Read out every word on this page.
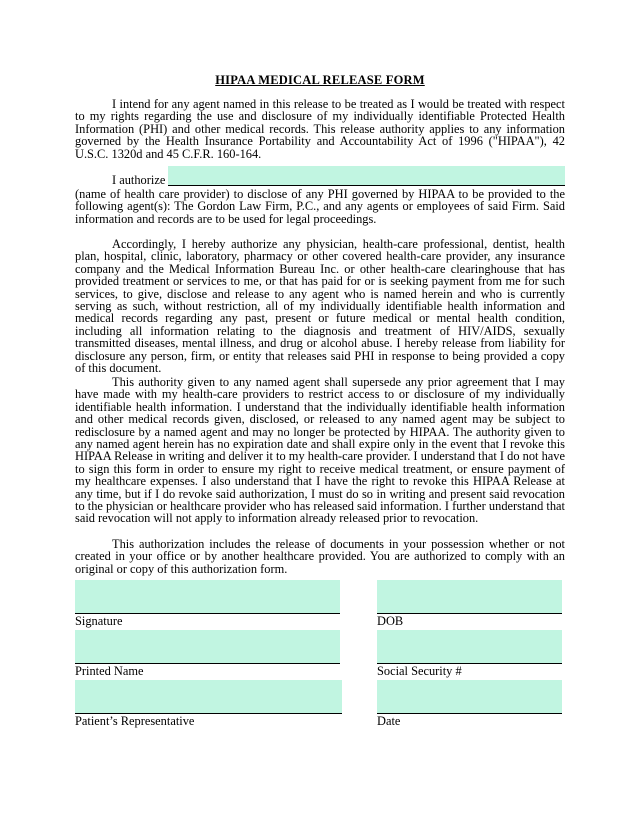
HIPAA MEDICAL RELEASE FORM

I intend for any agent named in this release to be treated as I would be treated with respect to my rights regarding the use and disclosure of my individually identifiable Protected Health Information (PHI) and other medical records. This release authority applies to any information governed by the Health Insurance Portability and Accountability Act of 1996 ("HIPAA"), 42 U.S.C. 1320d and 45 C.F.R. 160-164.

I authorize

(name of health care provider) to disclose of any PHI governed by HIPAA to be provided to the following agent(s): The Gordon Law Firm, P.C., and any agents or employees of said Firm. Said information and records are to be used for legal proceedings.

Accordingly, I hereby authorize any physician, health-care professional, dentist, health plan, hospital, clinic, laboratory, pharmacy or other covered health-care provider, any insurance company and the Medical Information Bureau Inc. or other health-care clearinghouse that has provided treatment or services to me, or that has paid for or is seeking payment from me for such services, to give, disclose and release to any agent who is named herein and who is currently serving as such, without restriction, all of my individually identifiable health information and medical records regarding any past, present or future medical or mental health condition, including all information relating to the diagnosis and treatment of HIV/AIDS, sexually transmitted diseases, mental illness, and drug or alcohol abuse. I hereby release from liability for disclosure any person, firm, or entity that releases said PHI in response to being provided a copy of this document.

This authority given to any named agent shall supersede any prior agreement that I may have made with my health-care providers to restrict access to or disclosure of my individually identifiable health information. I understand that the individually identifiable health information and other medical records given, disclosed, or released to any named agent may be subject to redisclosure by a named agent and may no longer be protected by HIPAA. The authority given to any named agent herein has no expiration date and shall expire only in the event that I revoke this HIPAA Release in writing and deliver it to my health-care provider. I understand that I do not have to sign this form in order to ensure my right to receive medical treatment, or ensure payment of my healthcare expenses. I also understand that I have the right to revoke this HIPAA Release at any time, but if I do revoke said authorization, I must do so in writing and present said revocation to the physician or healthcare provider who has released said information. I further understand that said revocation will not apply to information already released prior to revocation.

This authorization includes the release of documents in your possession whether or not created in your office or by another healthcare provided. You are authorized to comply with an original or copy of this authorization form.

Signature	DOB
Printed Name	Social Security #
Patient’s Representative	Date
